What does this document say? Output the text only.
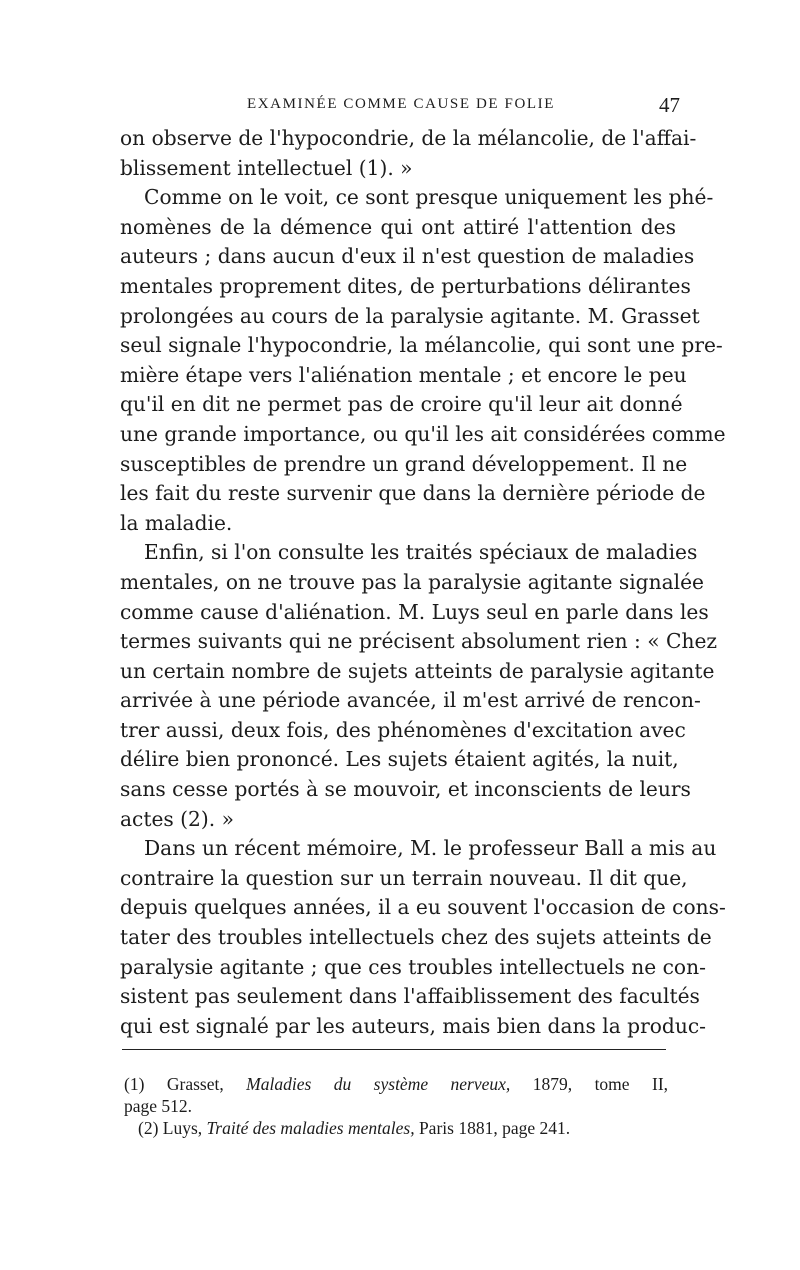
EXAMINÉE COMME CAUSE DE FOLIE	47

on observe de l'hypocondrie, de la mélancolie, de l'affai-
blissement intellectuel (1). »

Comme on le voit, ce sont presque uniquement les phé-
nomènes de la démence qui ont attiré l'attention des
auteurs ; dans aucun d'eux il n'est question de maladies
mentales proprement dites, de perturbations délirantes
prolongées au cours de la paralysie agitante. M. Grasset
seul signale l'hypocondrie, la mélancolie, qui sont une pre-
mière étape vers l'aliénation mentale ; et encore le peu
qu'il en dit ne permet pas de croire qu'il leur ait donné
une grande importance, ou qu'il les ait considérées comme
susceptibles de prendre un grand développement. Il ne
les fait du reste survenir que dans la dernière période de
la maladie.

Enfin, si l'on consulte les traités spéciaux de maladies
mentales, on ne trouve pas la paralysie agitante signalée
comme cause d'aliénation. M. Luys seul en parle dans les
termes suivants qui ne précisent absolument rien : « Chez
un certain nombre de sujets atteints de paralysie agitante
arrivée à une période avancée, il m'est arrivé de rencon-
trer aussi, deux fois, des phénomènes d'excitation avec
délire bien prononcé. Les sujets étaient agités, la nuit,
sans cesse portés à se mouvoir, et inconscients de leurs
actes (2). »

Dans un récent mémoire, M. le professeur Ball a mis au
contraire la question sur un terrain nouveau. Il dit que,
depuis quelques années, il a eu souvent l'occasion de cons-
tater des troubles intellectuels chez des sujets atteints de
paralysie agitante ; que ces troubles intellectuels ne con-
sistent pas seulement dans l'affaiblissement des facultés
qui est signalé par les auteurs, mais bien dans la produc-

(1) Grasset, Maladies du système nerveux, 1879, tome II,
page 512.

(2) Luys, Traité des maladies mentales, Paris 1881, page 241.
